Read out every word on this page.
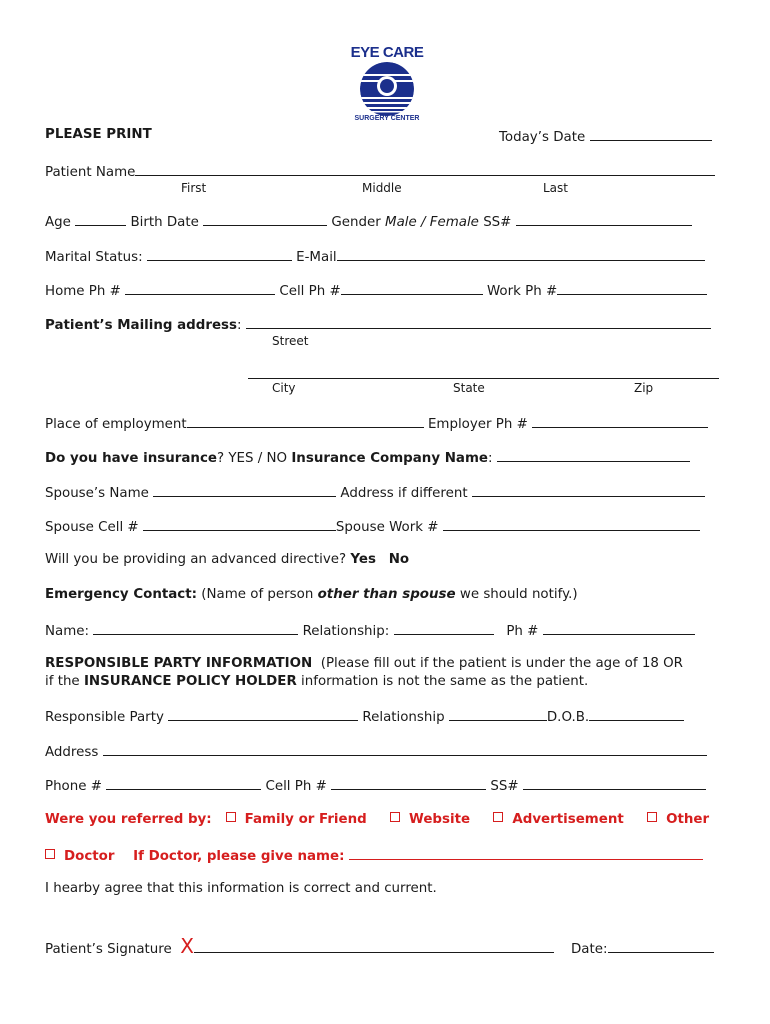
EYE CARE
SURGERY CENTER
PLEASE PRINT	Today’s Date
Patient Name
First	Middle	Last
Age	Birth Date	Gender Male / Female SS#
Marital Status:	E-Mail
Home Ph #	Cell Ph #	Work Ph #
Patient’s Mailing address:
Street
City	State	Zip
Place of employment	Employer Ph #
Do you have insurance? YES / NO Insurance Company Name:
Spouse’s Name	Address if different
Spouse Cell #	Spouse Work #
Will you be providing an advanced directive? Yes No
Emergency Contact: (Name of person other than spouse we should notify.)
Name:	Relationship:	Ph #
RESPONSIBLE PARTY INFORMATION (Please fill out if the patient is under the age of 18 OR
if the INSURANCE POLICY HOLDER information is not the same as the patient.
Responsible Party	Relationship	D.O.B.
Address
Phone #	Cell Ph #	SS#
Were you referred by: Family or Friend	Website	Advertisement	Other
Doctor If Doctor, please give name:
I hearby agree that this information is correct and current.
Patient’s Signature X	Date:
